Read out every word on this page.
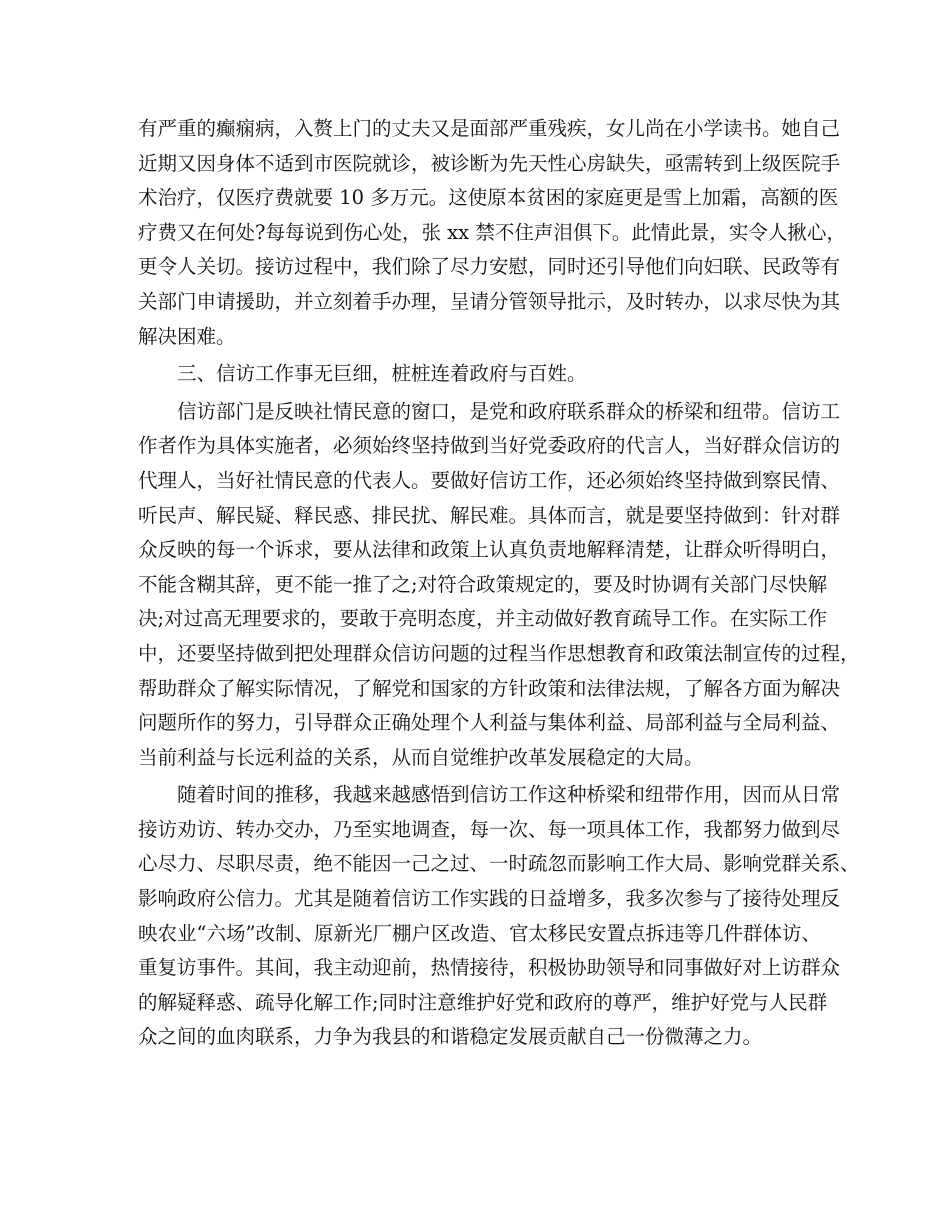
有严重的癫痫病，入赘上门的丈夫又是面部严重残疾，女儿尚在小学读书。她自己
近期又因身体不适到市医院就诊，被诊断为先天性心房缺失，亟需转到上级医院手
术治疗，仅医疗费就要 10 多万元。这使原本贫困的家庭更是雪上加霜，高额的医
疗费又在何处?每每说到伤心处，张 xx 禁不住声泪俱下。此情此景，实令人揪心，
更令人关切。接访过程中，我们除了尽力安慰，同时还引导他们向妇联、民政等有
关部门申请援助，并立刻着手办理，呈请分管领导批示，及时转办，以求尽快为其
解决困难。
三、信访工作事无巨细，桩桩连着政府与百姓。
信访部门是反映社情民意的窗口，是党和政府联系群众的桥梁和纽带。信访工
作者作为具体实施者，必须始终坚持做到当好党委政府的代言人，当好群众信访的
代理人，当好社情民意的代表人。要做好信访工作，还必须始终坚持做到察民情、
听民声、解民疑、释民惑、排民扰、解民难。具体而言，就是要坚持做到：针对群
众反映的每一个诉求，要从法律和政策上认真负责地解释清楚，让群众听得明白，
不能含糊其辞，更不能一推了之;对符合政策规定的，要及时协调有关部门尽快解
决;对过高无理要求的，要敢于亮明态度，并主动做好教育疏导工作。在实际工作
中，还要坚持做到把处理群众信访问题的过程当作思想教育和政策法制宣传的过程，
帮助群众了解实际情况，了解党和国家的方针政策和法律法规，了解各方面为解决
问题所作的努力，引导群众正确处理个人利益与集体利益、局部利益与全局利益、
当前利益与长远利益的关系，从而自觉维护改革发展稳定的大局。
随着时间的推移，我越来越感悟到信访工作这种桥梁和纽带作用，因而从日常
接访劝访、转办交办，乃至实地调查，每一次、每一项具体工作，我都努力做到尽
心尽力、尽职尽责，绝不能因一己之过、一时疏忽而影响工作大局、影响党群关系、
影响政府公信力。尤其是随着信访工作实践的日益增多，我多次参与了接待处理反
映农业“六场”改制、原新光厂棚户区改造、官太移民安置点拆违等几件群体访、
重复访事件。其间，我主动迎前，热情接待，积极协助领导和同事做好对上访群众
的解疑释惑、疏导化解工作;同时注意维护好党和政府的尊严，维护好党与人民群
众之间的血肉联系，力争为我县的和谐稳定发展贡献自己一份微薄之力。
